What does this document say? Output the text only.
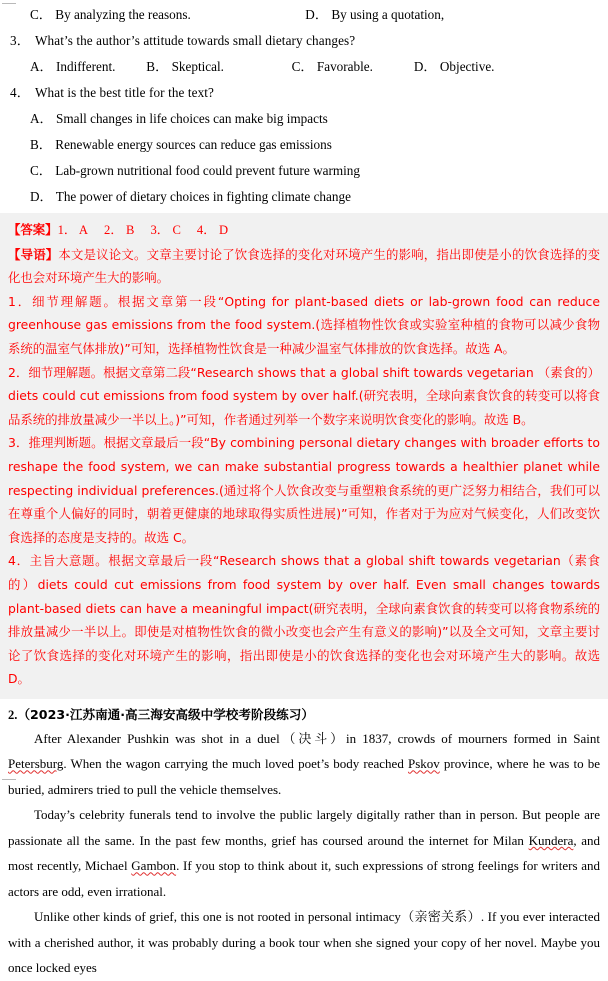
C． By analyzing the reasons.	D． By using a quotation,
3． What’s the author’s attitude towards small dietary changes?
A． Indifferent. B． Skeptical.	C． Favorable.	D． Objective.
4． What is the best title for the text?
A． Small changes in life choices can make big impacts
B． Renewable energy sources can reduce gas emissions
C． Lab-grown nutritional food could prevent future warming
D． The power of dietary choices in fighting climate change
【答案】1． A 2． B 3． C 4． D
【导语】本文是议论文。文章主要讨论了饮食选择的变化对环境产生的影响，指出即使是小的饮食选择的变化也会对环境产生大的影响。
1．细节理解题。根据文章第一段“Opting for plant-based diets or lab-grown food can reduce greenhouse gas emissions from the food system.(选择植物性饮食或实验室种植的食物可以减少食物系统的温室气体排放)”可知，选择植物性饮食是一种减少温室气体排放的饮食选择。故选 A。
2．细节理解题。根据文章第二段“Research shows that a global shift towards vegetarian （素食的） diets could cut emissions from food system by over half.(研究表明，全球向素食饮食的转变可以将食品系统的排放量减少一半以上。)”可知，作者通过列举一个数字来说明饮食变化的影响。故选 B。
3．推理判断题。根据文章最后一段“By combining personal dietary changes with broader efforts to reshape the food system, we can make substantial progress towards a healthier planet while respecting individual preferences.(通过将个人饮食改变与重塑粮食系统的更广泛努力相结合，我们可以在尊重个人偏好的同时，朝着更健康的地球取得实质性进展)”可知，作者对于为应对气候变化，人们改变饮食选择的态度是支持的。故选 C。
4．主旨大意题。根据文章最后一段“Research shows that a global shift towards vegetarian（素食的）diets could cut emissions from food system by over half. Even small changes towards plant-based diets can have a meaningful impact(研究表明，全球向素食饮食的转变可以将食物系统的排放量减少一半以上。即使是对植物性饮食的微小改变也会产生有意义的影响)”以及全文可知，文章主要讨论了饮食选择的变化对环境产生的影响，指出即使是小的饮食选择的变化也会对环境产生大的影响。故选 D。
2.（2023·江苏南通·高三海安高级中学校考阶段练习）

After Alexander Pushkin was shot in a duel（决斗）in 1837, crowds of mourners formed in Saint Petersburg. When the wagon carrying the much loved poet’s body reached Pskov province, where he was to be buried, admirers tried to pull the vehicle themselves.

Today’s celebrity funerals tend to involve the public largely digitally rather than in person. But people are passionate all the same. In the past few months, grief has coursed around the internet for Milan Kundera, and most recently, Michael Gambon. If you stop to think about it, such expressions of strong feelings for writers and actors are odd, even irrational.

Unlike other kinds of grief, this one is not rooted in personal intimacy（亲密关系）. If you ever interacted with a cherished author, it was probably during a book tour when she signed your copy of her novel. Maybe you once locked eyes
